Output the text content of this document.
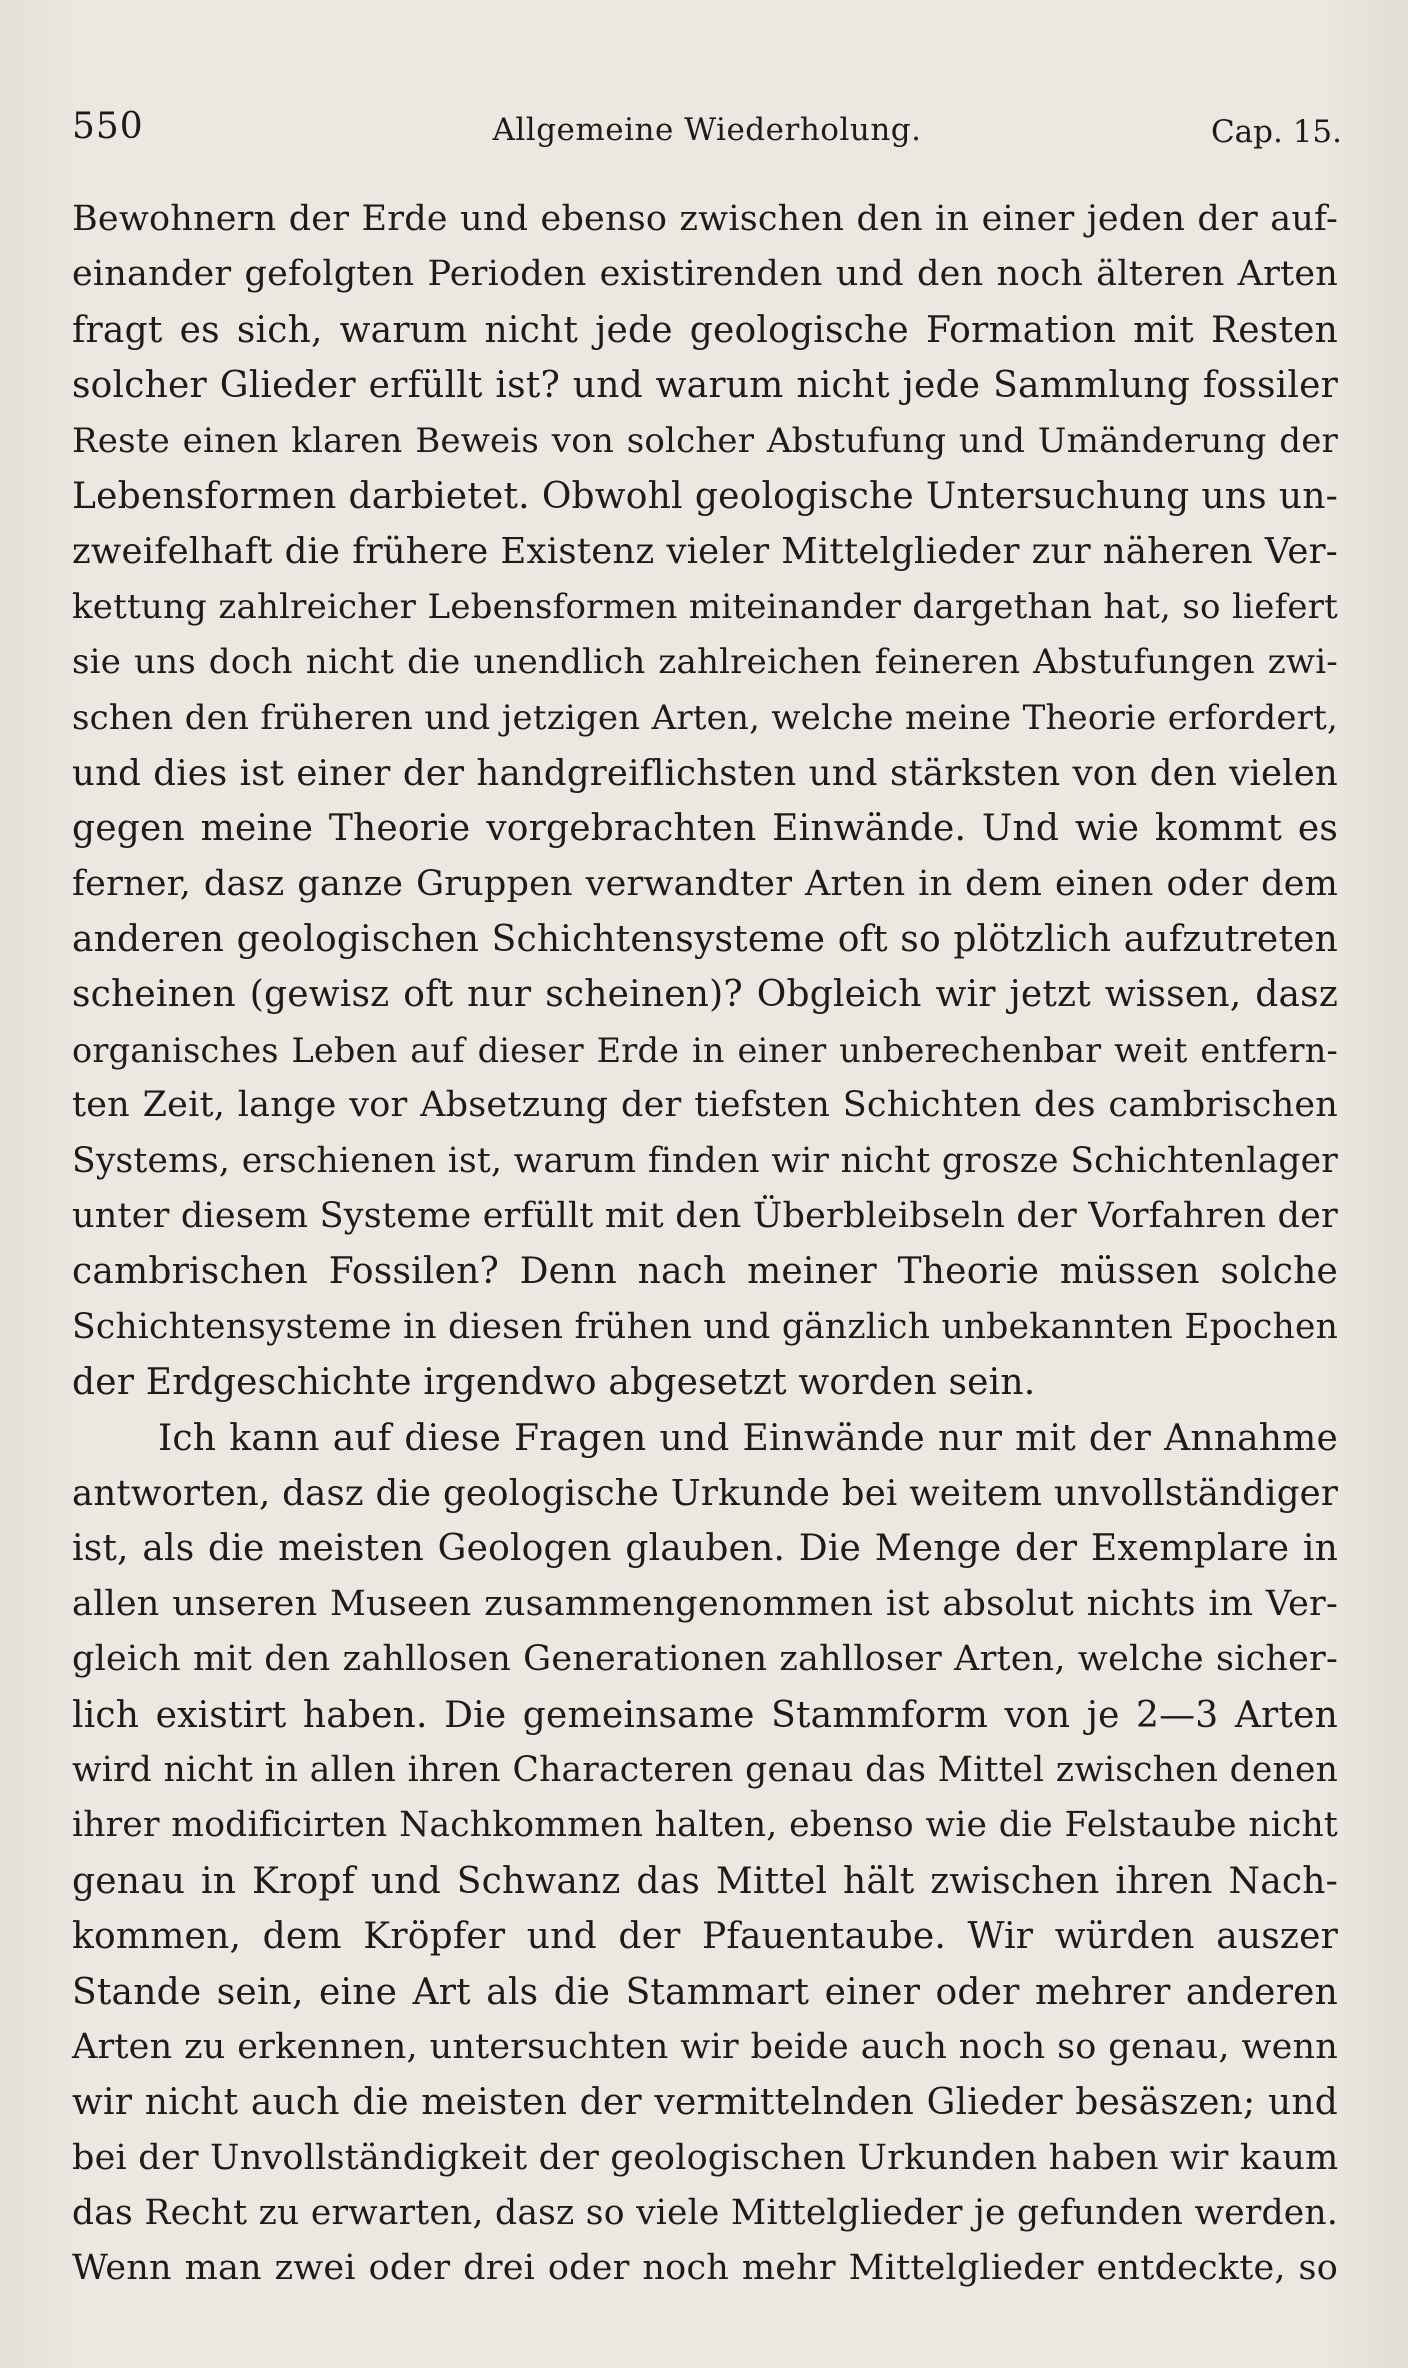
550	Allgemeine Wiederholung.	Cap. 15.
Bewohnern der Erde und ebenso zwischen den in einer jeden der auf-
einander gefolgten Perioden existirenden und den noch älteren Arten
fragt es sich, warum nicht jede geologische Formation mit Resten
solcher Glieder erfüllt ist? und warum nicht jede Sammlung fossiler
Reste einen klaren Beweis von solcher Abstufung und Umänderung der
Lebensformen darbietet. Obwohl geologische Untersuchung uns un-
zweifelhaft die frühere Existenz vieler Mittelglieder zur näheren Ver-
kettung zahlreicher Lebensformen miteinander dargethan hat, so liefert
sie uns doch nicht die unendlich zahlreichen feineren Abstufungen zwi-
schen den früheren und jetzigen Arten, welche meine Theorie erfordert,
und dies ist einer der handgreiflichsten und stärksten von den vielen
gegen meine Theorie vorgebrachten Einwände. Und wie kommt es
ferner, dasz ganze Gruppen verwandter Arten in dem einen oder dem
anderen geologischen Schichtensysteme oft so plötzlich aufzutreten
scheinen (gewisz oft nur scheinen)? Obgleich wir jetzt wissen, dasz
organisches Leben auf dieser Erde in einer unberechenbar weit entfern-
ten Zeit, lange vor Absetzung der tiefsten Schichten des cambrischen
Systems, erschienen ist, warum finden wir nicht grosze Schichtenlager
unter diesem Systeme erfüllt mit den Überbleibseln der Vorfahren der
cambrischen Fossilen? Denn nach meiner Theorie müssen solche
Schichtensysteme in diesen frühen und gänzlich unbekannten Epochen
der Erdgeschichte irgendwo abgesetzt worden sein.
Ich kann auf diese Fragen und Einwände nur mit der Annahme
antworten, dasz die geologische Urkunde bei weitem unvollständiger
ist, als die meisten Geologen glauben. Die Menge der Exemplare in
allen unseren Museen zusammengenommen ist absolut nichts im Ver-
gleich mit den zahllosen Generationen zahlloser Arten, welche sicher-
lich existirt haben. Die gemeinsame Stammform von je 2—3 Arten
wird nicht in allen ihren Characteren genau das Mittel zwischen denen
ihrer modificirten Nachkommen halten, ebenso wie die Felstaube nicht
genau in Kropf und Schwanz das Mittel hält zwischen ihren Nach-
kommen, dem Kröpfer und der Pfauentaube. Wir würden auszer
Stande sein, eine Art als die Stammart einer oder mehrer anderen
Arten zu erkennen, untersuchten wir beide auch noch so genau, wenn
wir nicht auch die meisten der vermittelnden Glieder besäszen; und
bei der Unvollständigkeit der geologischen Urkunden haben wir kaum
das Recht zu erwarten, dasz so viele Mittelglieder je gefunden werden.
Wenn man zwei oder drei oder noch mehr Mittelglieder entdeckte, so
